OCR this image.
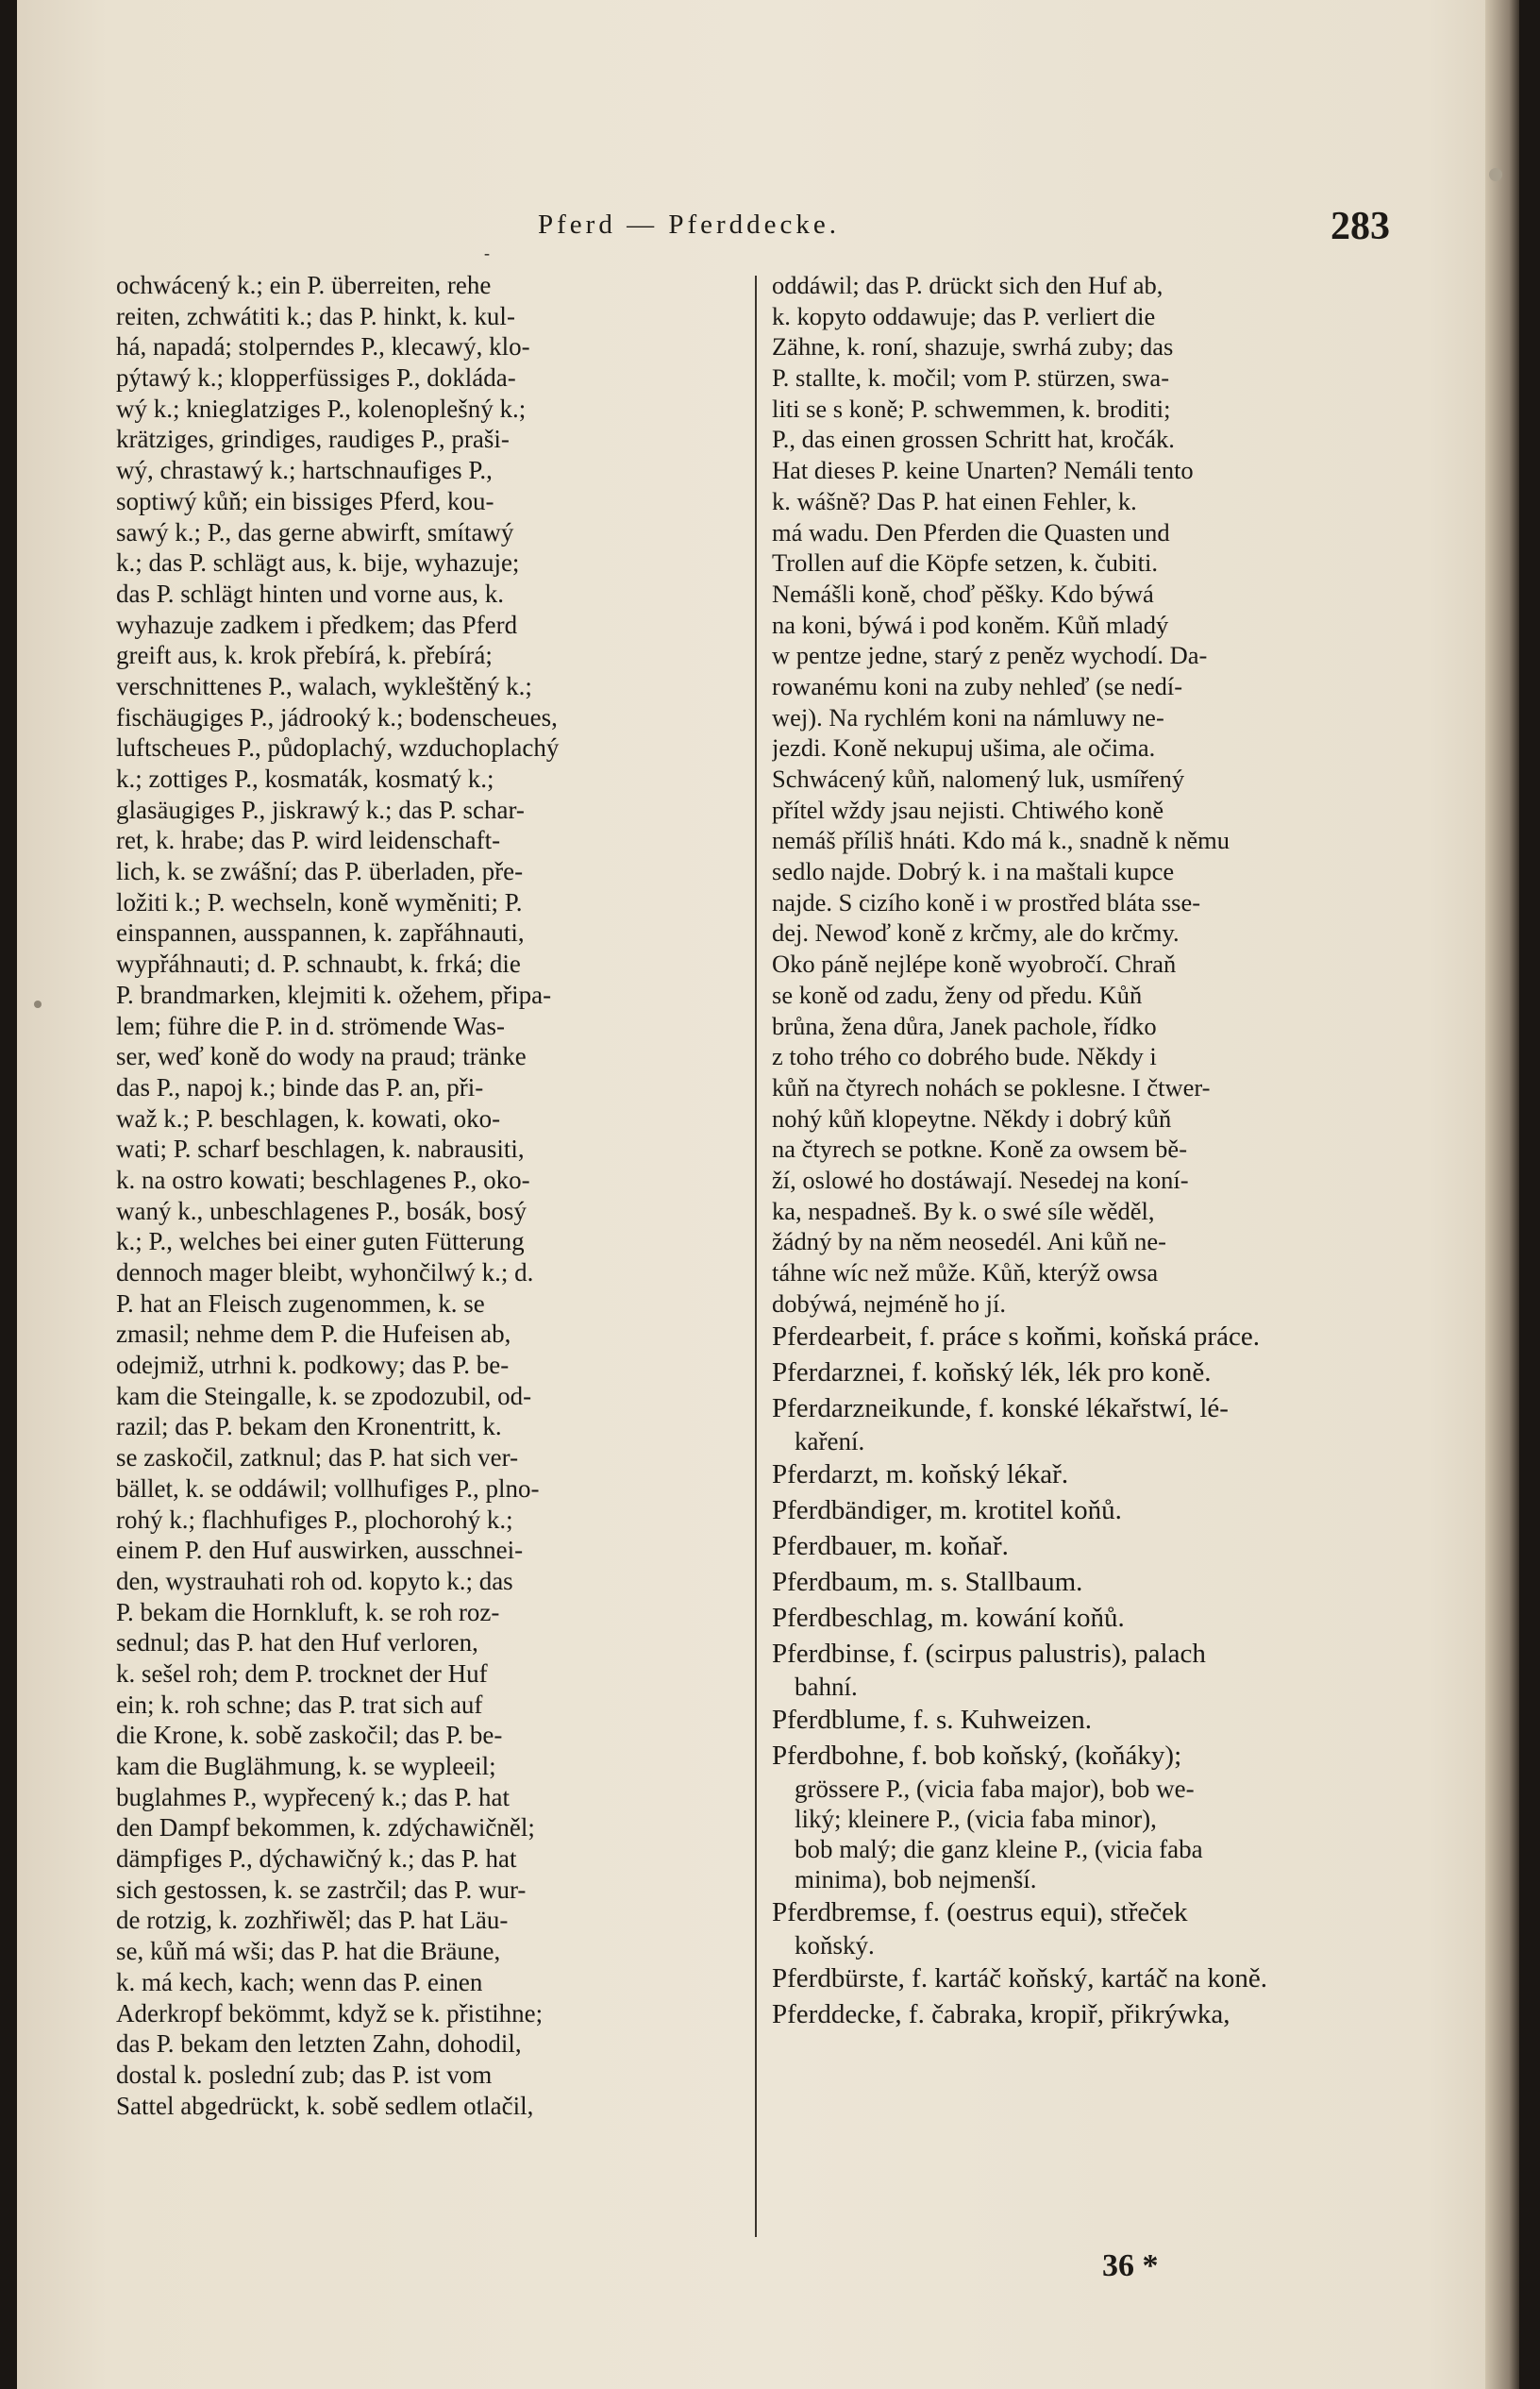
Pferd — Pferddecke.	283
-
ochwácený k.; ein P. überreiten, rehe
reiten, zchwátiti k.; das P. hinkt, k. kul-
há, napadá; stolperndes P., klecawý, klo-
pýtawý k.; klopperfüssiges P., dokláda-
wý k.; knieglatziges P., kolenoplešný k.;
krätziges, grindiges, raudiges P., praši-
wý, chrastawý k.; hartschnaufiges P.,
soptiwý kůň; ein bissiges Pferd, kou-
sawý k.; P., das gerne abwirft, smítawý
k.; das P. schlägt aus, k. bije, wyhazuje;
das P. schlägt hinten und vorne aus, k.
wyhazuje zadkem i předkem; das Pferd
greift aus, k. krok přebírá, k. přebírá;
verschnittenes P., walach, wykleštěný k.;
fischäugiges P., jádrooký k.; bodenscheues,
luftscheues P., půdoplachý, wzduchoplachý
k.; zottiges P., kosmaták, kosmatý k.;
glasäugiges P., jiskrawý k.; das P. schar-
ret, k. hrabe; das P. wird leidenschaft-
lich, k. se zwášní; das P. überladen, pře-
ložiti k.; P. wechseln, koně wyměniti; P.
einspannen, ausspannen, k. zapřáhnauti,
wypřáhnauti; d. P. schnaubt, k. frká; die
P. brandmarken, klejmiti k. ožehem, připa-
lem; führe die P. in d. strömende Was-
ser, weď koně do wody na praud; tränke
das P., napoj k.; binde das P. an, při-
waž k.; P. beschlagen, k. kowati, oko-
wati; P. scharf beschlagen, k. nabrausiti,
k. na ostro kowati; beschlagenes P., oko-
waný k., unbeschlagenes P., bosák, bosý
k.; P., welches bei einer guten Fütterung
dennoch mager bleibt, wyhončilwý k.; d.
P. hat an Fleisch zugenommen, k. se
zmasil; nehme dem P. die Hufeisen ab,
odejmiž, utrhni k. podkowy; das P. be-
kam die Steingalle, k. se zpodozubil, od-
razil; das P. bekam den Kronentritt, k.
se zaskočil, zatknul; das P. hat sich ver-
bället, k. se oddáwil; vollhufiges P., plno-
rohý k.; flachhufiges P., plochorohý k.;
einem P. den Huf auswirken, ausschnei-
den, wystrauhati roh od. kopyto k.; das
P. bekam die Hornkluft, k. se roh roz-
sednul; das P. hat den Huf verloren,
k. sešel roh; dem P. trocknet der Huf
ein; k. roh schne; das P. trat sich auf
die Krone, k. sobě zaskočil; das P. be-
kam die Buglähmung, k. se wypleeil;
buglahmes P., wypřecený k.; das P. hat
den Dampf bekommen, k. zdýchawičněl;
dämpfiges P., dýchawičný k.; das P. hat
sich gestossen, k. se zastrčil; das P. wur-
de rotzig, k. zozhřiwěl; das P. hat Läu-
se, kůň má wši; das P. hat die Bräune,
k. má kech, kach; wenn das P. einen
Aderkropf bekömmt, když se k. přistihne;
das P. bekam den letzten Zahn, dohodil,
dostal k. poslední zub; das P. ist vom
Sattel abgedrückt, k. sobě sedlem otlačil,
oddáwil; das P. drückt sich den Huf ab,
k. kopyto oddawuje; das P. verliert die
Zähne, k. roní, shazuje, swrhá zuby; das
P. stallte, k. močil; vom P. stürzen, swa-
liti se s koně; P. schwemmen, k. broditi;
P., das einen grossen Schritt hat, kročák.
Hat dieses P. keine Unarten? Nemáli tento
k. wášně? Das P. hat einen Fehler, k.
má wadu. Den Pferden die Quasten und
Trollen auf die Köpfe setzen, k. čubiti.
Nemášli koně, choď pěšky. Kdo býwá
na koni, býwá i pod koněm. Kůň mladý
w pentze jedne, starý z peněz wychodí. Da-
rowanému koni na zuby nehleď (se nedí-
wej). Na rychlém koni na námluwy ne-
jezdi. Koně nekupuj ušima, ale očima.
Schwácený kůň, nalomený luk, usmířený
přítel wždy jsau nejisti. Chtiwého koně
nemáš příliš hnáti. Kdo má k., snadně k němu
sedlo najde. Dobrý k. i na maštali kupce
najde. S cizího koně i w prostřed bláta sse-
dej. Newoď koně z krčmy, ale do krčmy.
Oko páně nejlépe koně wyobročí. Chraň
se koně od zadu, ženy od předu. Kůň
brůna, žena důra, Janek pachole, řídko
z toho trého co dobrého bude. Někdy i
kůň na čtyrech nohách se poklesne. I čtwer-
nohý kůň klopeytne. Někdy i dobrý kůň
na čtyrech se potkne. Koně za owsem bě-
ží, oslowé ho dostáwají. Nesedej na koní-
ka, nespadneš. By k. o swé síle wěděl,
žádný by na něm neosedél. Ani kůň ne-
táhne wíc než může. Kůň, kterýž owsa
dobýwá, nejméně ho jí.
Pferdearbeit, f. práce s koňmi, koňská práce.
Pferdarznei, f. koňský lék, lék pro koně.
Pferdarzneikunde, f. konské lékařstwí, lé-
kaření.
Pferdarzt, m. koňský lékař.
Pferdbändiger, m. krotitel koňů.
Pferdbauer, m. koňař.
Pferdbaum, m. s. Stallbaum.
Pferdbeschlag, m. kowání koňů.
Pferdbinse, f. (scirpus palustris), palach
bahní.
Pferdblume, f. s. Kuhweizen.
Pferdbohne, f. bob koňský, (koňáky);
grössere P., (vicia faba major), bob we-
liký; kleinere P., (vicia faba minor),
bob malý; die ganz kleine P., (vicia faba
minima), bob nejmenší.
Pferdbremse, f. (oestrus equi), střeček
koňský.
Pferdbürste, f. kartáč koňský, kartáč na koně.
Pferddecke, f. čabraka, kropiř, přikrýwka,
36 *
